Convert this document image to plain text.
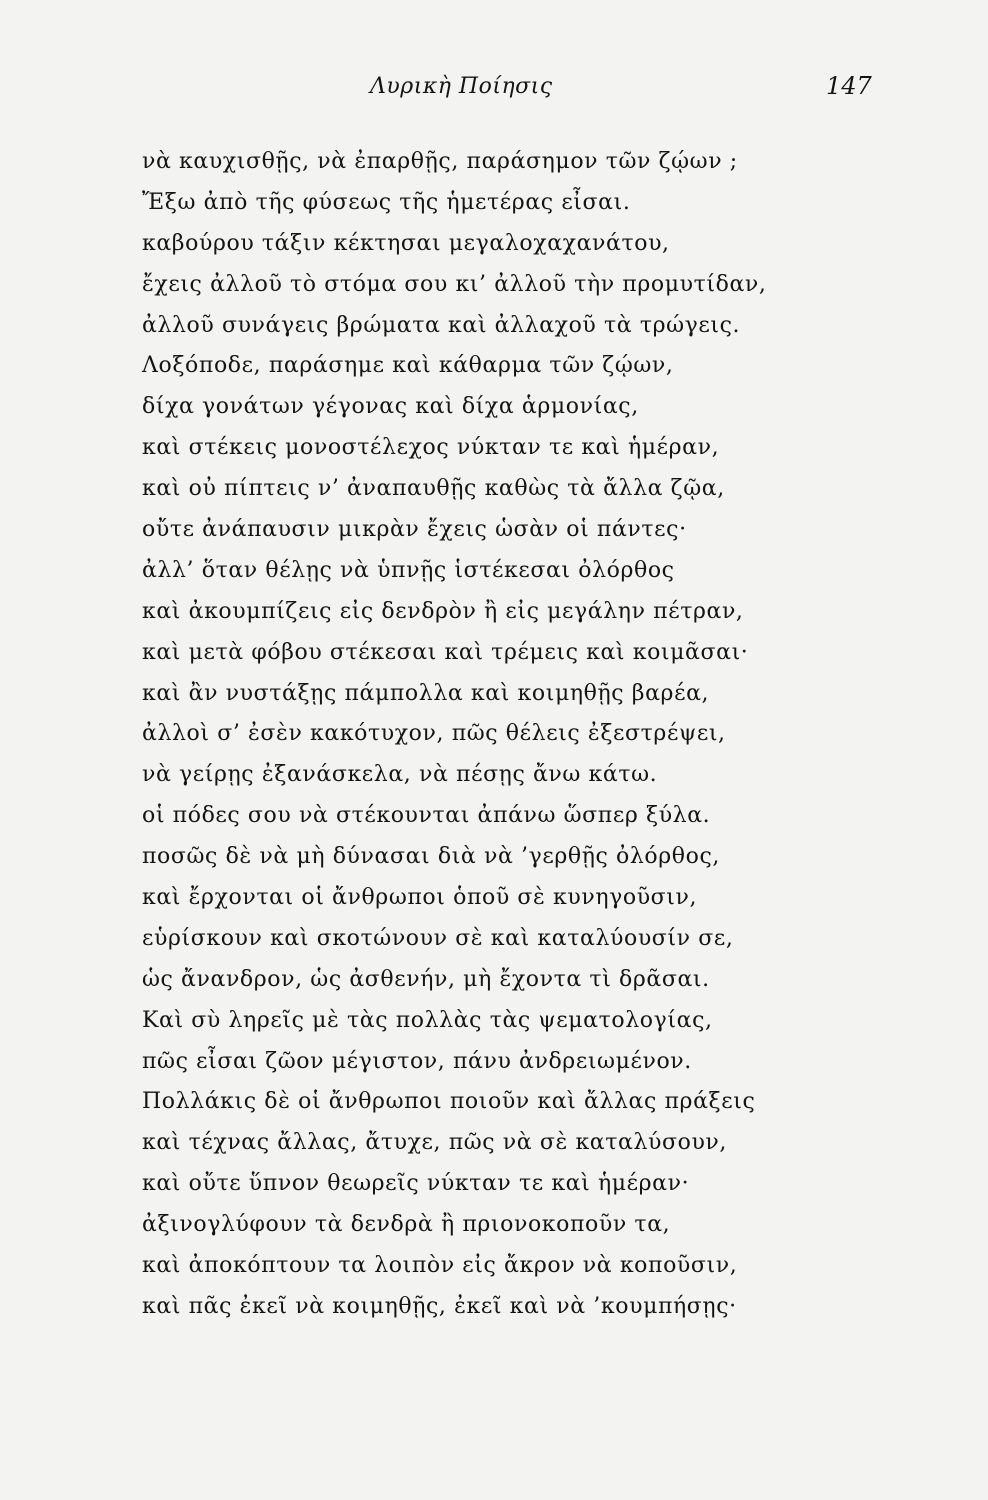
Λυρικὴ Ποίησις	147
νὰ καυχισθῇς, νὰ ἐπαρθῇς, παράσημον τῶν ζῴων ;
Ἔξω ἀπὸ τῆς φύσεως τῆς ἡμετέρας εἶσαι.
καβούρου τάξιν κέκτησαι μεγαλοχαχανάτου,
ἔχεις ἀλλοῦ τὸ στόμα σου κι’ ἀλλοῦ τὴν προμυτίδαν,
ἀλλοῦ συνάγεις βρώματα καὶ ἀλλαχοῦ τὰ τρώγεις.
Λοξόποδε, παράσημε καὶ κάθαρμα τῶν ζῴων,
δίχα γονάτων γέγονας καὶ δίχα ἁρμονίας,
καὶ στέκεις μονοστέλεχος νύκταν τε καὶ ἡμέραν,
καὶ οὐ πίπτεις ν’ ἀναπαυθῇς καθὼς τὰ ἄλλα ζῷα,
οὔτε ἀνάπαυσιν μικρὰν ἔχεις ὡσὰν οἱ πάντες·
ἀλλ’ ὅταν θέλῃς νὰ ὑπνῇς ἱστέκεσαι ὀλόρθος
καὶ ἀκουμπίζεις εἰς δενδρὸν ἢ εἰς μεγάλην πέτραν,
καὶ μετὰ φόβου στέκεσαι καὶ τρέμεις καὶ κοιμᾶσαι·
καὶ ἂν νυστάξῃς πάμπολλα καὶ κοιμηθῇς βαρέα,
ἀλλοὶ σ’ ἐσὲν κακότυχον, πῶς θέλεις ἐξεστρέψει,
νὰ γείρῃς ἐξανάσκελα, νὰ πέσῃς ἄνω κάτω.
οἱ πόδες σου νὰ στέκουνται ἀπάνω ὥσπερ ξύλα.
ποσῶς δὲ νὰ μὴ δύνασαι διὰ νὰ ’γερθῇς ὀλόρθος,
καὶ ἔρχονται οἱ ἄνθρωποι ὁποῦ σὲ κυνηγοῦσιν,
εὑρίσκουν καὶ σκοτώνουν σὲ καὶ καταλύουσίν σε,
ὡς ἄνανδρον, ὡς ἀσθενήν, μὴ ἔχοντα τὶ δρᾶσαι.
Καὶ σὺ ληρεῖς μὲ τὰς πολλὰς τὰς ψεματολογίας,
πῶς εἶσαι ζῶον μέγιστον, πάνυ ἀνδρειωμένον.
Πολλάκις δὲ οἱ ἄνθρωποι ποιοῦν καὶ ἄλλας πράξεις
καὶ τέχνας ἄλλας, ἄτυχε, πῶς νὰ σὲ καταλύσουν,
καὶ οὔτε ὕπνον θεωρεῖς νύκταν τε καὶ ἡμέραν·
ἀξινογλύφουν τὰ δενδρὰ ἢ πριονοκοποῦν τα,
καὶ ἀποκόπτουν τα λοιπὸν εἰς ἄκρον νὰ κοποῦσιν,
καὶ πᾶς ἐκεῖ νὰ κοιμηθῇς, ἐκεῖ καὶ νὰ ’κουμπήσῃς·
